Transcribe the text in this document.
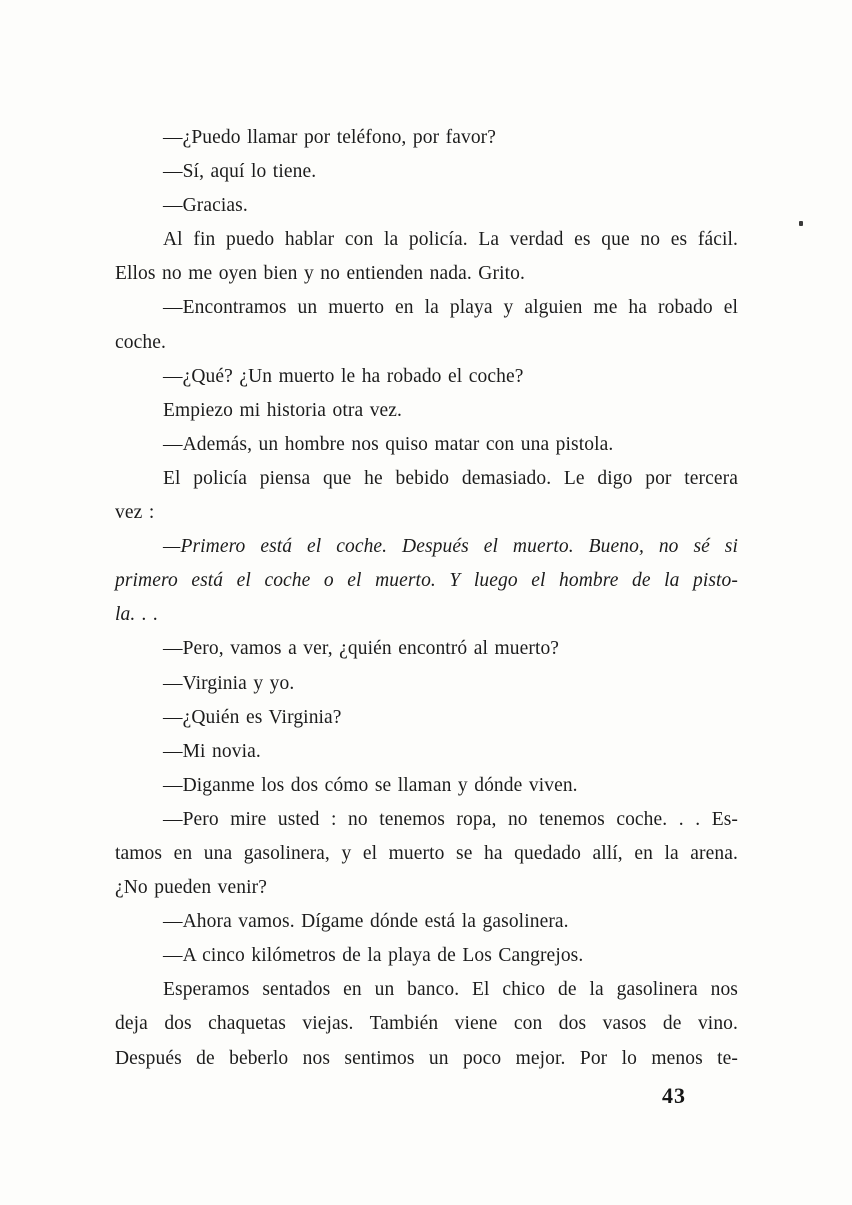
—¿Puedo llamar por teléfono, por favor?
—Sí, aquí lo tiene.
—Gracias.
Al fin puedo hablar con la policía. La verdad es que no es fácil.
Ellos no me oyen bien y no entienden nada. Grito.
—Encontramos un muerto en la playa y alguien me ha robado el
coche.
—¿Qué? ¿Un muerto le ha robado el coche?
Empiezo mi historia otra vez.
—Además, un hombre nos quiso matar con una pistola.
El policía piensa que he bebido demasiado. Le digo por tercera
vez :
—Primero está el coche. Después el muerto. Bueno, no sé si
primero está el coche o el muerto. Y luego el hombre de la pisto-
la. . .
—Pero, vamos a ver, ¿quién encontró al muerto?
—Virginia y yo.
—¿Quién es Virginia?
—Mi novia.
—Diganme los dos cómo se llaman y dónde viven.
—Pero mire usted : no tenemos ropa, no tenemos coche. . . Es-
tamos en una gasolinera, y el muerto se ha quedado allí, en la arena.
¿No pueden venir?
—Ahora vamos. Dígame dónde está la gasolinera.
—A cinco kilómetros de la playa de Los Cangrejos.
Esperamos sentados en un banco. El chico de la gasolinera nos
deja dos chaquetas viejas. También viene con dos vasos de vino.
Después de beberlo nos sentimos un poco mejor. Por lo menos te-
43
